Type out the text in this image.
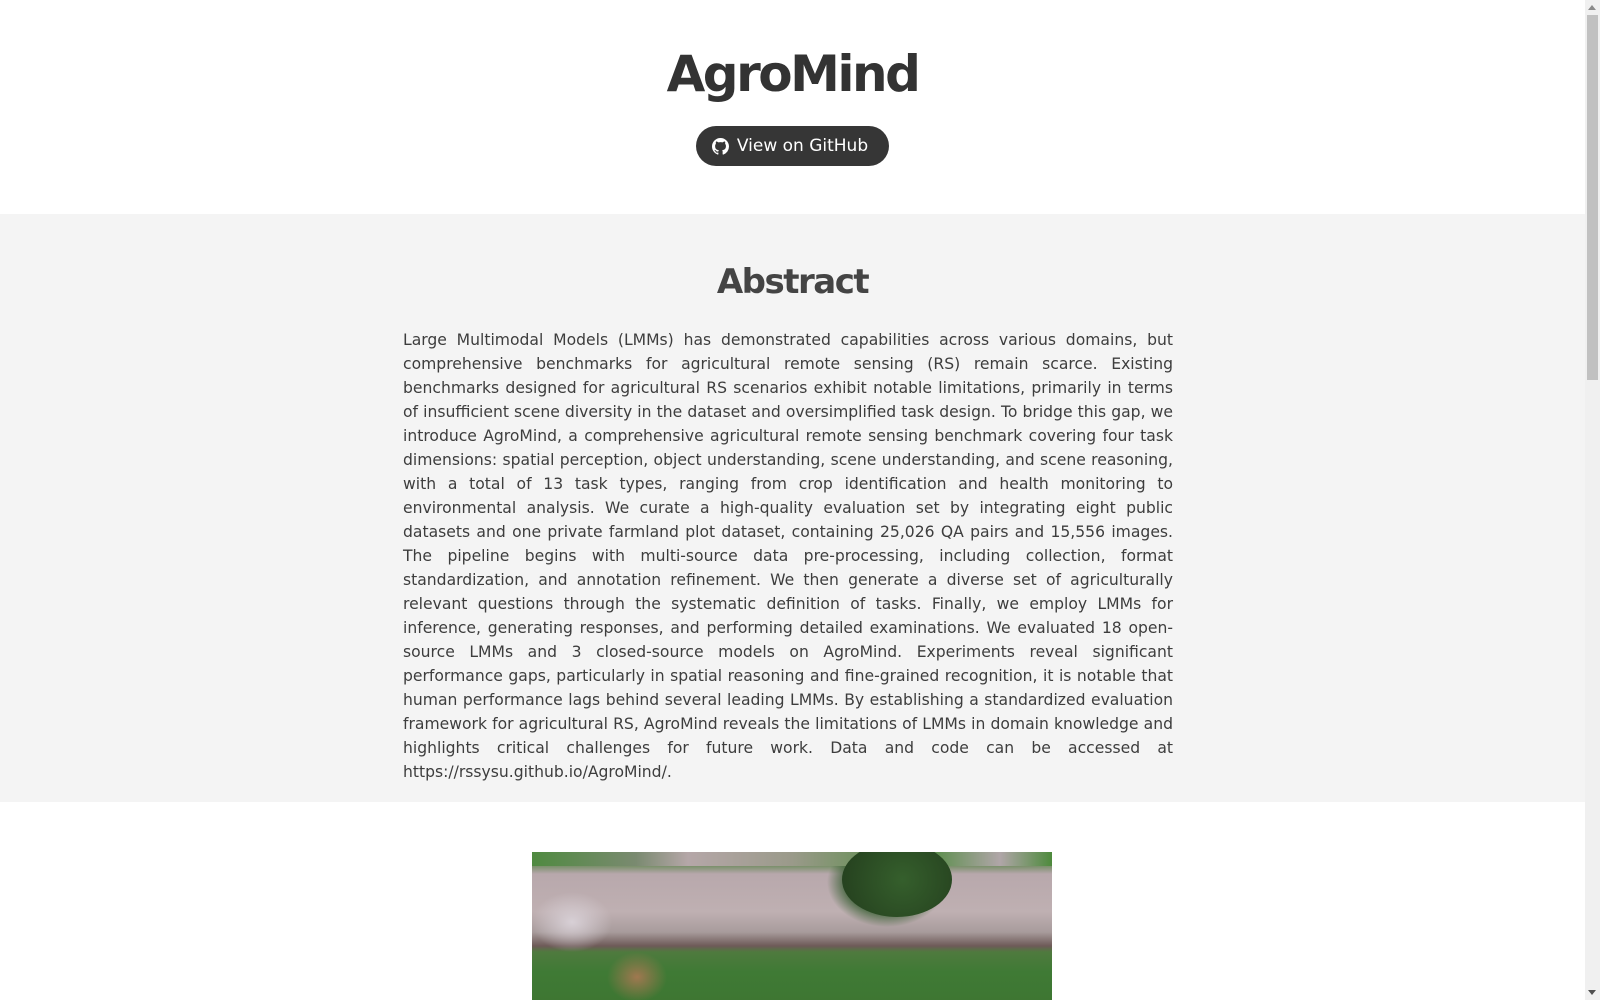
AgroMind
View on GitHub
Abstract

Large Multimodal Models (LMMs) has demonstrated capabilities across various domains, but comprehensive benchmarks for agricultural remote sensing (RS) remain scarce. Existing benchmarks designed for agricultural RS scenarios exhibit notable limitations, primarily in terms of insufficient scene diversity in the dataset and oversimplified task design. To bridge this gap, we introduce AgroMind, a comprehensive agricultural remote sensing benchmark covering four task dimensions: spatial perception, object understanding, scene understanding, and scene reasoning, with a total of 13 task types, ranging from crop identification and health monitoring to environmental analysis. We curate a high-quality evaluation set by integrating eight public datasets and one private farmland plot dataset, containing 25,026 QA pairs and 15,556 images. The pipeline begins with multi-source data pre-processing, including collection, format standardization, and annotation refinement. We then generate a diverse set of agriculturally relevant questions through the systematic definition of tasks. Finally, we employ LMMs for inference, generating responses, and performing detailed examinations. We evaluated 18 open-source LMMs and 3 closed-source models on AgroMind. Experiments reveal significant performance gaps, particularly in spatial reasoning and fine-grained recognition, it is notable that human performance lags behind several leading LMMs. By establishing a standardized evaluation framework for agricultural RS, AgroMind reveals the limitations of LMMs in domain knowledge and highlights critical challenges for future work. Data and code can be accessed at https://rssysu.github.io/AgroMind/.
